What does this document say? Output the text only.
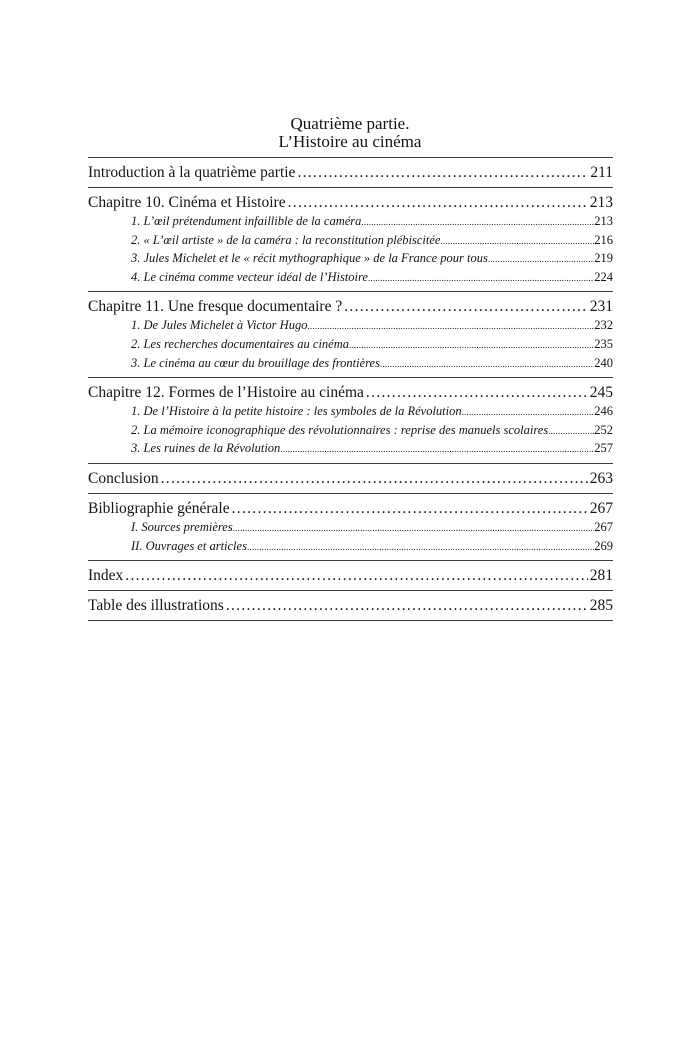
Quatrième partie.
L’Histoire au cinéma
Introduction à la quatrième partie .....	211
Chapitre 10. Cinéma et Histoire .....	213
1. L’œil prétendument infaillible de la caméra .....	213
2. « L’œil artiste » de la caméra : la reconstitution plébiscitée .....	216
3. Jules Michelet et le « récit mythographique » de la France pour tous .....	219
4. Le cinéma comme vecteur idéal de l’Histoire .....	224
Chapitre 11. Une fresque documentaire ? .....	231
1. De Jules Michelet à Victor Hugo .....	232
2. Les recherches documentaires au cinéma .....	235
3. Le cinéma au cœur du brouillage des frontières .....	240
Chapitre 12. Formes de l’Histoire au cinéma .....	245
1. De l’Histoire à la petite histoire : les symboles de la Révolution .....	246
2. La mémoire iconographique des révolutionnaires : reprise des manuels scolaires .....	252
3. Les ruines de la Révolution .....	257
Conclusion .....	263
Bibliographie générale .....	267
I. Sources premières .....	267
II. Ouvrages et articles .....	269
Index .....	281
Table des illustrations .....	285
